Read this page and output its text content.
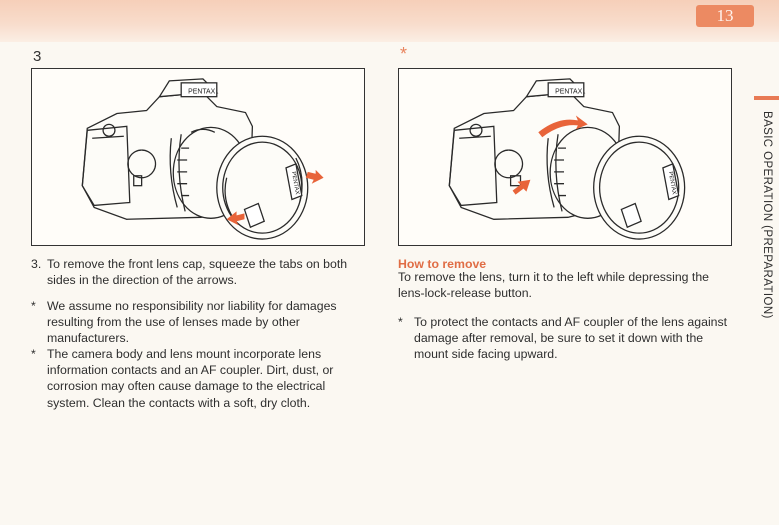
13
3	*
PENTAX
PENTAX
PENTAX
PENTAX
3. To remove the front lens cap, squeeze the tabs on both sides in the direction of the arrows.
* We assume no responsibility nor liability for damages resulting from the use of lenses made by other manufacturers.
* The camera body and lens mount incorporate lens information contacts and an AF coupler. Dirt, dust, or corrosion may often cause damage to the electrical system. Clean the contacts with a soft, dry cloth.
How to remove
To remove the lens, turn it to the left while depressing the lens-lock-release button.
* To protect the contacts and AF coupler of the lens against damage after removal, be sure to set it down with the mount side facing upward.
BASIC OPERATION (PREPARATION)
